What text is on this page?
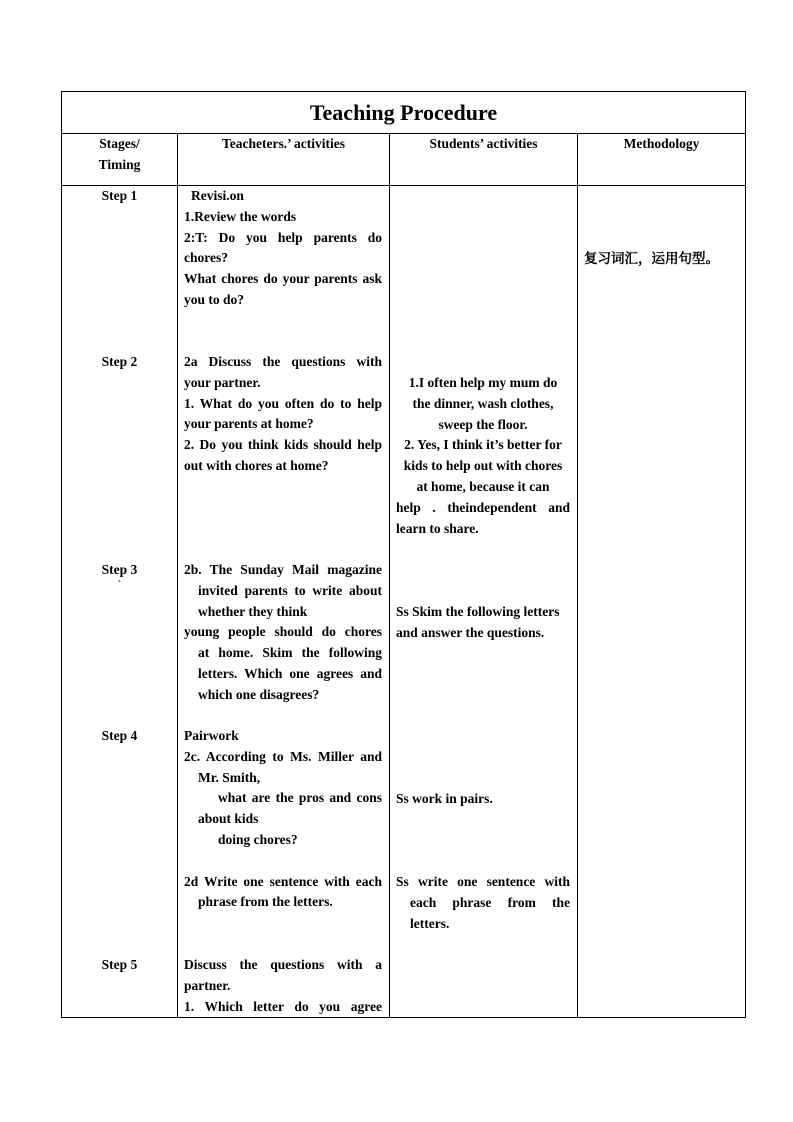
Teaching Procedure

Stages/

Timing

Teacheters.’ activities	Students’ activities	Methodology
Step 1
Step 2
Step 3
`
Step 4
Step 5

Revisi.on

1.Review the words

2:T: Do you help parents do

chores?

What chores do your parents ask

you to do?

复习词汇，运用句型。

2a Discuss the questions with

your partner.

1. What do you often do to help

your parents at home?

2. Do you think kids should help

out with chores at home?

1.I often help my mum do

the dinner, wash clothes,

sweep the floor.

2. Yes, I think it’s better for

kids to help out with chores

at home, because it can

help . theindependent and

learn to share.

2b. The Sunday Mail magazine

invited parents to write about

whether they think

young people should do chores

at home. Skim the following

letters. Which one agrees and

which one disagrees?

Ss Skim the following letters

and answer the questions.

Pairwork

2c. According to Ms. Miller and

Mr. Smith,

what are the pros and cons

about kids

doing chores?

2d Write one sentence with each

phrase from the letters.

Ss work in pairs.

Ss write one sentence with

each phrase from the

letters.

Discuss the questions with a

partner.

1. Which letter do you agree
